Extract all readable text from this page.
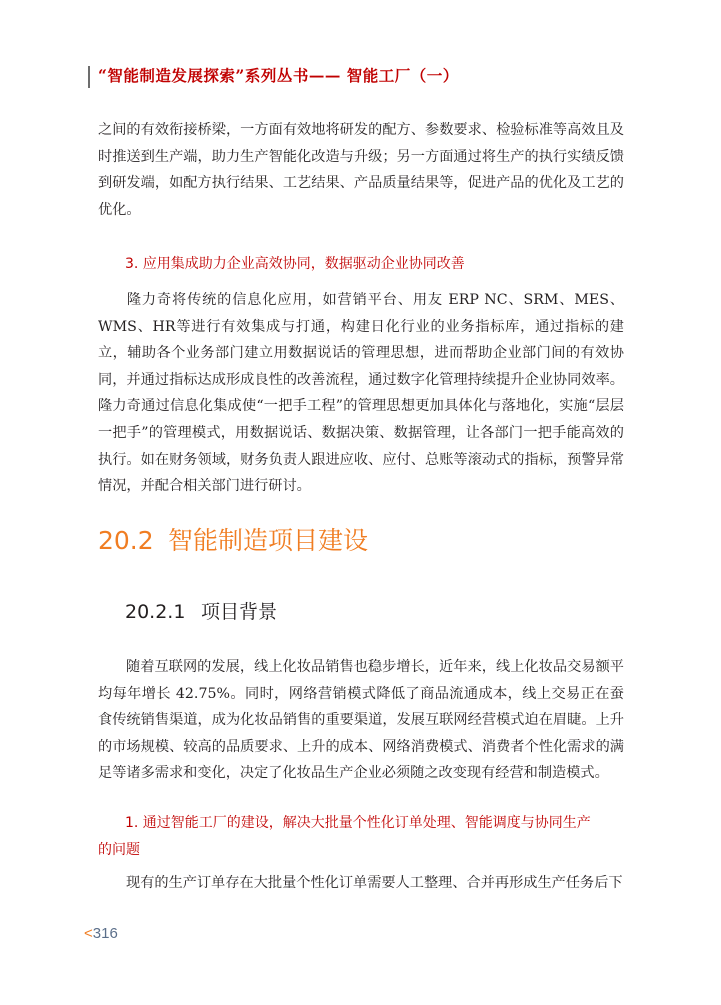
“智能制造发展探索”系列丛书—— 智能工厂（一）
之间的有效衔接桥梁，一方面有效地将研发的配方、参数要求、检验标准等高效且及时推送到生产端，助力生产智能化改造与升级；另一方面通过将生产的执行实绩反馈到研发端，如配方执行结果、工艺结果、产品质量结果等，促进产品的优化及工艺的优化。
3. 应用集成助力企业高效协同，数据驱动企业协同改善
隆力奇将传统的信息化应用，如营销平台、用友 ERP NC、SRM、MES、WMS、HR等进行有效集成与打通，构建日化行业的业务指标库，通过指标的建立，辅助各个业务部门建立用数据说话的管理思想，进而帮助企业部门间的有效协同，并通过指标达成形成良性的改善流程，通过数字化管理持续提升企业协同效率。隆力奇通过信息化集成使“一把手工程”的管理思想更加具体化与落地化，实施“层层一把手”的管理模式，用数据说话、数据决策、数据管理，让各部门一把手能高效的执行。如在财务领域，财务负责人跟进应收、应付、总账等滚动式的指标，预警异常情况，并配合相关部门进行研讨。
20.2 智能制造项目建设
20.2.1 项目背景
随着互联网的发展，线上化妆品销售也稳步增长，近年来，线上化妆品交易额平均每年增长 42.75%。同时，网络营销模式降低了商品流通成本，线上交易正在蚕食传统销售渠道，成为化妆品销售的重要渠道，发展互联网经营模式迫在眉睫。上升的市场规模、较高的品质要求、上升的成本、网络消费模式、消费者个性化需求的满足等诸多需求和变化，决定了化妆品生产企业必须随之改变现有经营和制造模式。
1. 通过智能工厂的建设，解决大批量个性化订单处理、智能调度与协同生产
的问题
现有的生产订单存在大批量个性化订单需要人工整理、合并再形成生产任务后下
<316
